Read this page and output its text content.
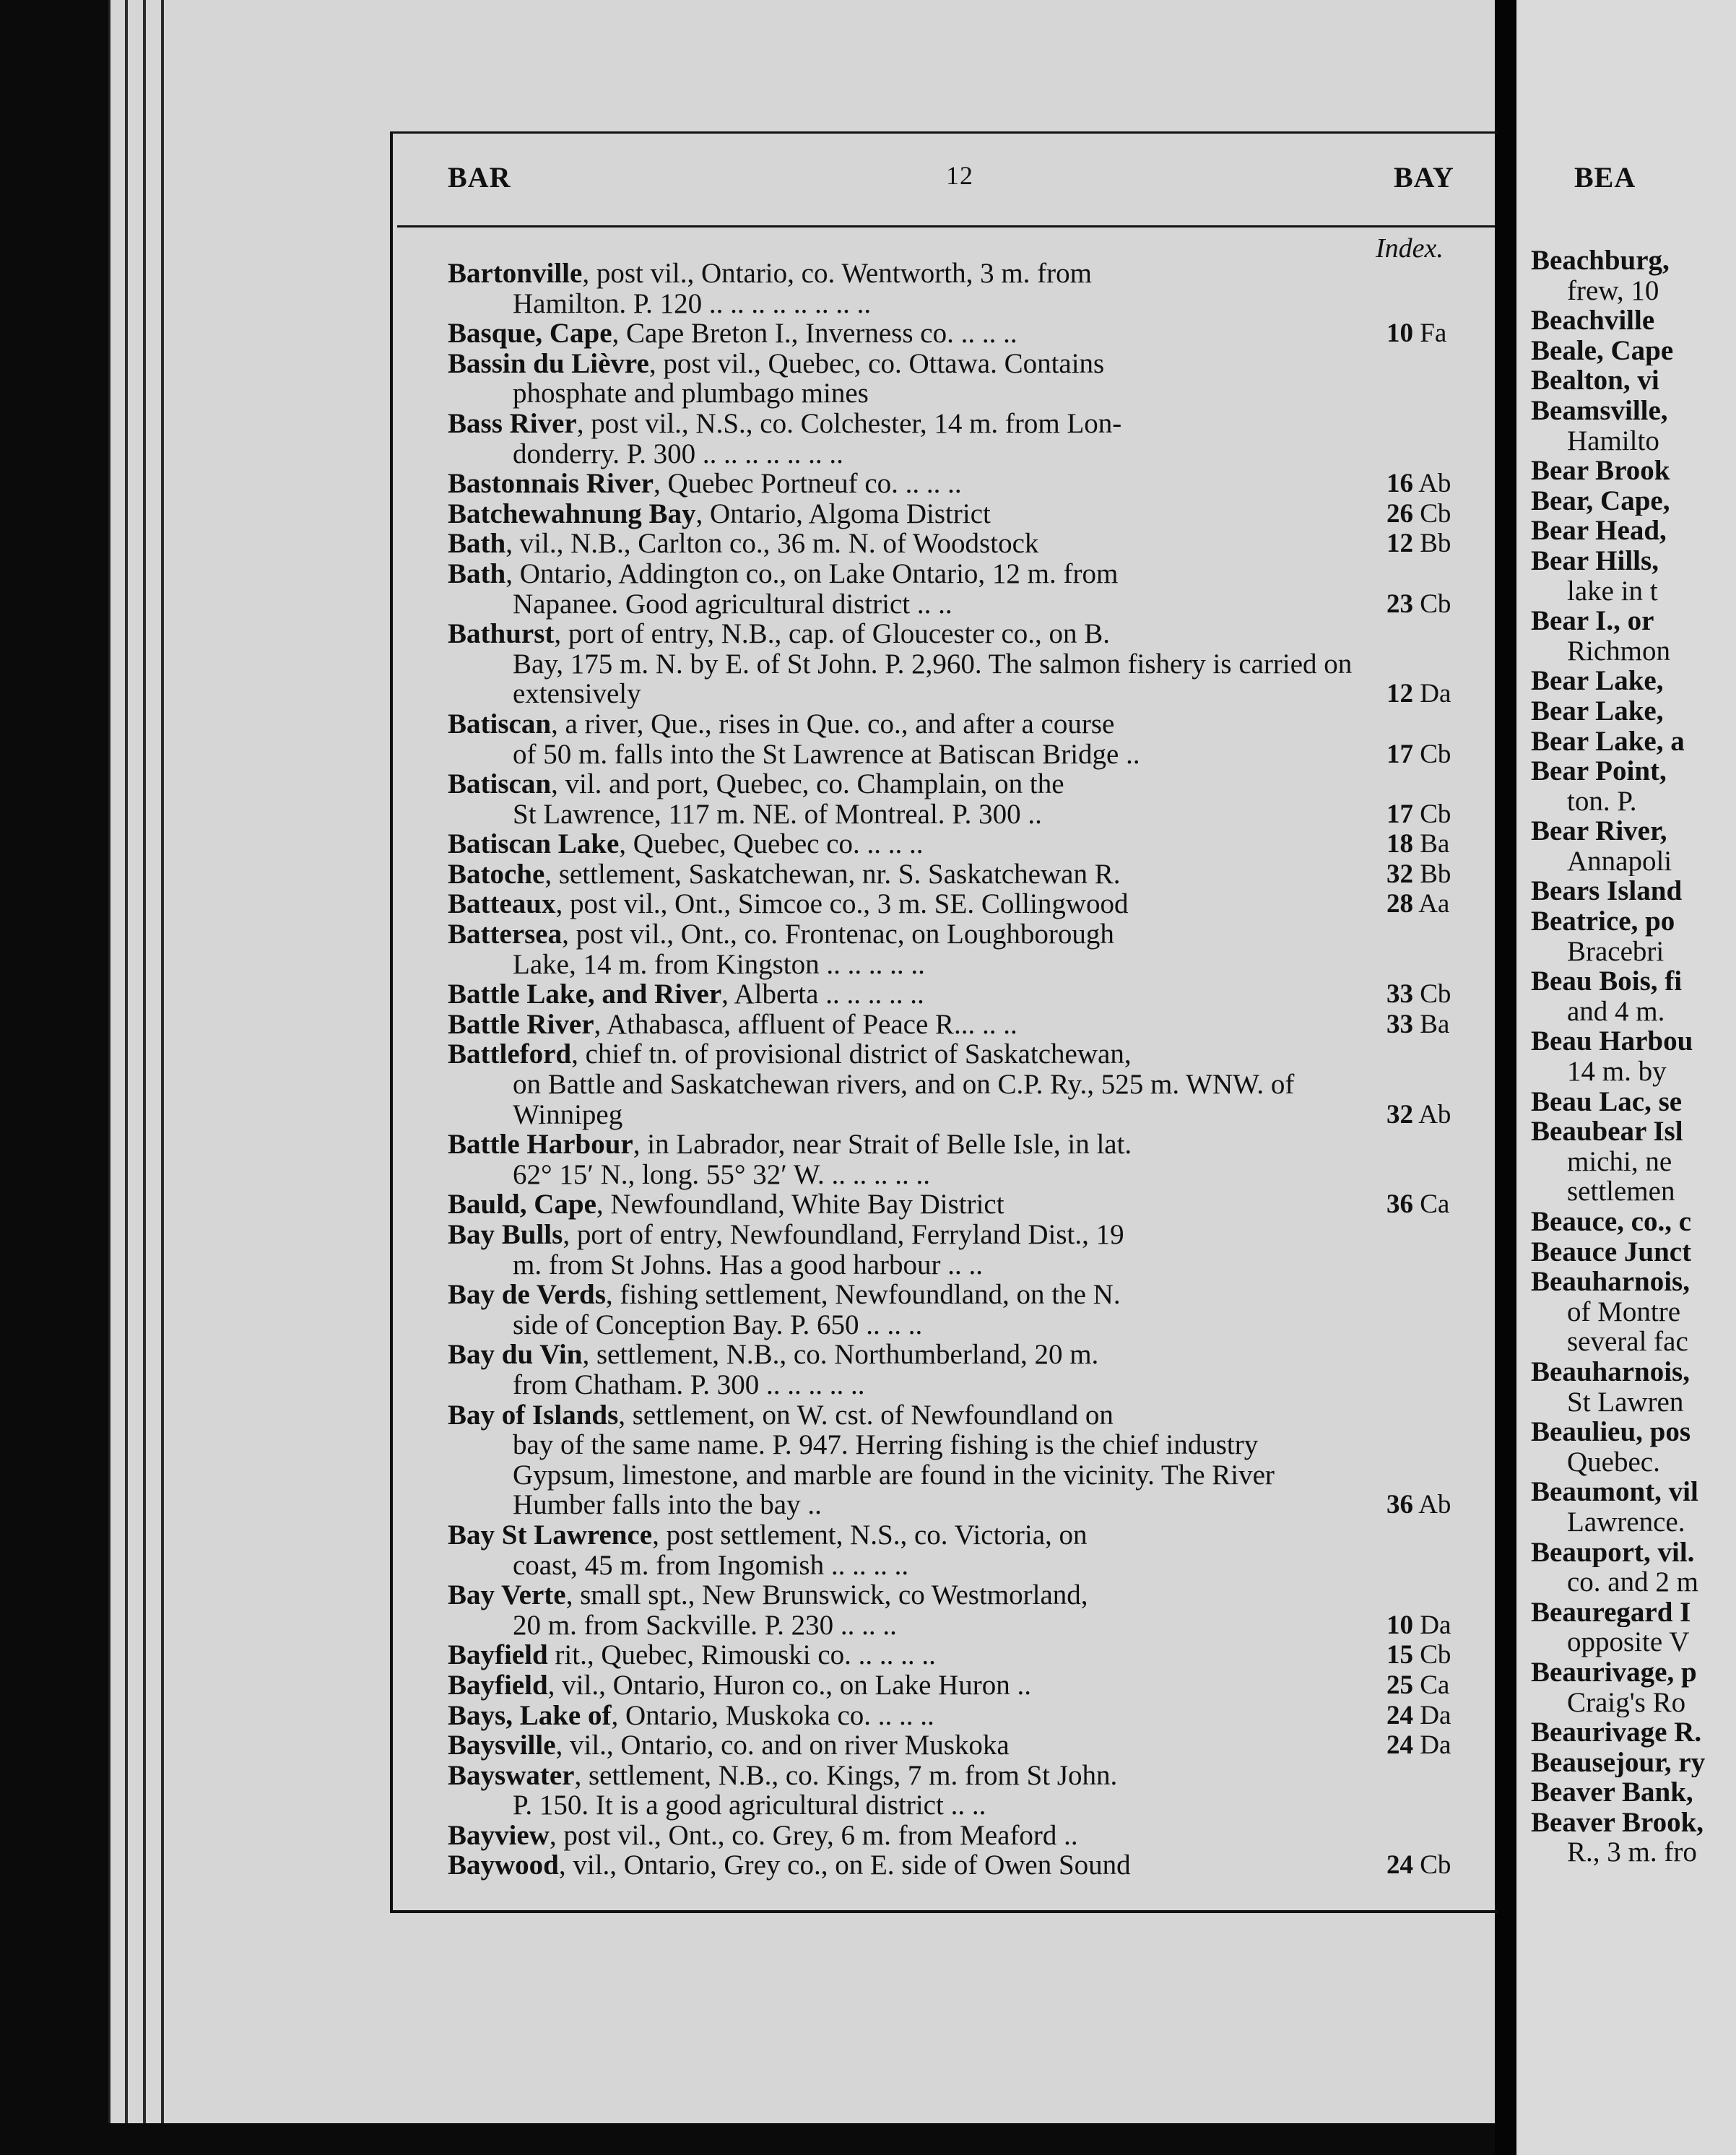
BAR	12	BAY	BEA
Index.
Bartonville, post vil., Ontario, co. Wentworth, 3 m. from
Hamilton. P. 120 .. .. .. .. .. .. .. ..
Basque, Cape, Cape Breton I., Inverness co. .. .. ..	10 Fa
Bassin du Lièvre, post vil., Quebec, co. Ottawa. Contains
phosphate and plumbago mines
Bass River, post vil., N.S., co. Colchester, 14 m. from Lon-
donderry. P. 300 .. .. .. .. .. .. ..
Bastonnais River, Quebec Portneuf co. .. .. ..	16 Ab
Batchewahnung Bay, Ontario, Algoma District	26 Cb
Bath, vil., N.B., Carlton co., 36 m. N. of Woodstock	12 Bb
Bath, Ontario, Addington co., on Lake Ontario, 12 m. from
Napanee. Good agricultural district .. ..	23 Cb
Bathurst, port of entry, N.B., cap. of Gloucester co., on B.
Bay, 175 m. N. by E. of St John. P. 2,960. The salmon fishery is carried on extensively	12 Da
Batiscan, a river, Que., rises in Que. co., and after a course
of 50 m. falls into the St Lawrence at Batiscan Bridge ..	17 Cb
Batiscan, vil. and port, Quebec, co. Champlain, on the
St Lawrence, 117 m. NE. of Montreal. P. 300 ..	17 Cb
Batiscan Lake, Quebec, Quebec co. .. .. ..	18 Ba
Batoche, settlement, Saskatchewan, nr. S. Saskatchewan R.	32 Bb
Batteaux, post vil., Ont., Simcoe co., 3 m. SE. Collingwood	28 Aa
Battersea, post vil., Ont., co. Frontenac, on Loughborough
Lake, 14 m. from Kingston .. .. .. .. ..
Battle Lake, and River, Alberta .. .. .. .. ..	33 Cb
Battle River, Athabasca, affluent of Peace R... .. ..	33 Ba
Battleford, chief tn. of provisional district of Saskatchewan,
on Battle and Saskatchewan rivers, and on C.P. Ry., 525 m. WNW. of Winnipeg	32 Ab
Battle Harbour, in Labrador, near Strait of Belle Isle, in lat.
62° 15′ N., long. 55° 32′ W. .. .. .. .. ..
Bauld, Cape, Newfoundland, White Bay District	36 Ca
Bay Bulls, port of entry, Newfoundland, Ferryland Dist., 19
m. from St Johns. Has a good harbour .. ..
Bay de Verds, fishing settlement, Newfoundland, on the N.
side of Conception Bay. P. 650 .. .. ..
Bay du Vin, settlement, N.B., co. Northumberland, 20 m.
from Chatham. P. 300 .. .. .. .. ..
Bay of Islands, settlement, on W. cst. of Newfoundland on
bay of the same name. P. 947. Herring fishing is the chief industry Gypsum, limestone, and marble are found in the vicinity. The River Humber falls into the bay ..	36 Ab
Bay St Lawrence, post settlement, N.S., co. Victoria, on
coast, 45 m. from Ingomish .. .. .. ..
Bay Verte, small spt., New Brunswick, co Westmorland,
20 m. from Sackville. P. 230 .. .. ..	10 Da
Bayfield rit., Quebec, Rimouski co. .. .. .. ..	15 Cb
Bayfield, vil., Ontario, Huron co., on Lake Huron ..	25 Ca
Bays, Lake of, Ontario, Muskoka co. .. .. ..	24 Da
Baysville, vil., Ontario, co. and on river Muskoka	24 Da
Bayswater, settlement, N.B., co. Kings, 7 m. from St John.
P. 150. It is a good agricultural district .. ..
Bayview, post vil., Ont., co. Grey, 6 m. from Meaford ..
Baywood, vil., Ontario, Grey co., on E. side of Owen Sound	24 Cb
Beachburg,
frew, 10
Beachville
Beale, Cape
Bealton, vi
Beamsville,
Hamilto
Bear Brook
Bear, Cape,
Bear Head,
Bear Hills,
lake in t
Bear I., or
Richmon
Bear Lake,
Bear Lake,
Bear Lake, a
Bear Point,
ton. P.
Bear River,
Annapoli
Bears Island
Beatrice, po
Bracebri
Beau Bois, fi
and 4 m.
Beau Harbou
14 m. by
Beau Lac, se
Beaubear Isl
michi, ne
settlemen
Beauce, co., c
Beauce Junct
Beauharnois,
of Montre
several fac
Beauharnois,
St Lawren
Beaulieu, pos
Quebec.
Beaumont, vil
Lawrence.
Beauport, vil.
co. and 2 m
Beauregard I
opposite V
Beaurivage, p
Craig's Ro
Beaurivage R.
Beausejour, ry
Beaver Bank,
Beaver Brook,
R., 3 m. fro
